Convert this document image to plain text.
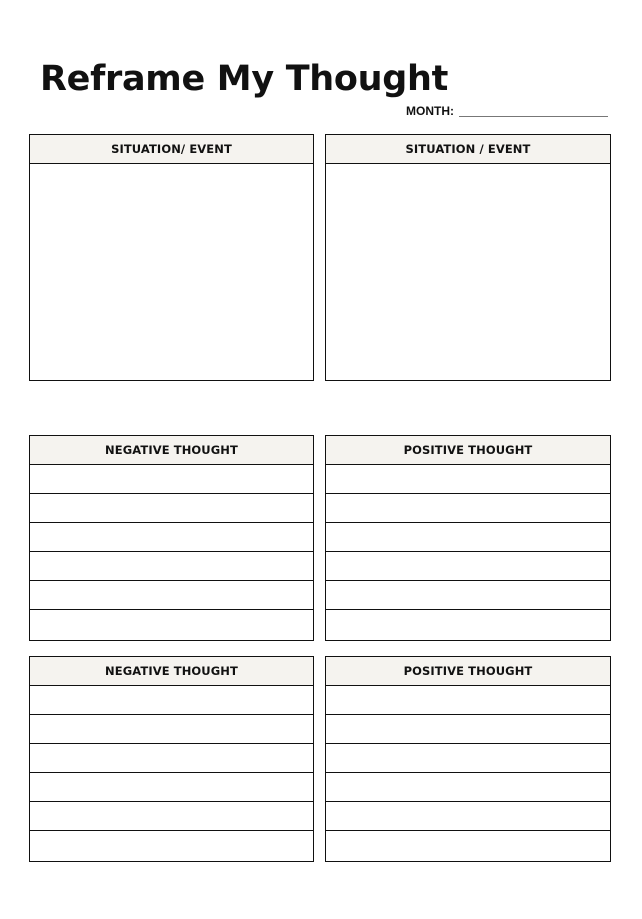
Reframe My Thought
MONTH:
SITUATION/ EVENT	SITUATION / EVENT
NEGATIVE THOUGHT	POSITIVE THOUGHT
NEGATIVE THOUGHT	POSITIVE THOUGHT
